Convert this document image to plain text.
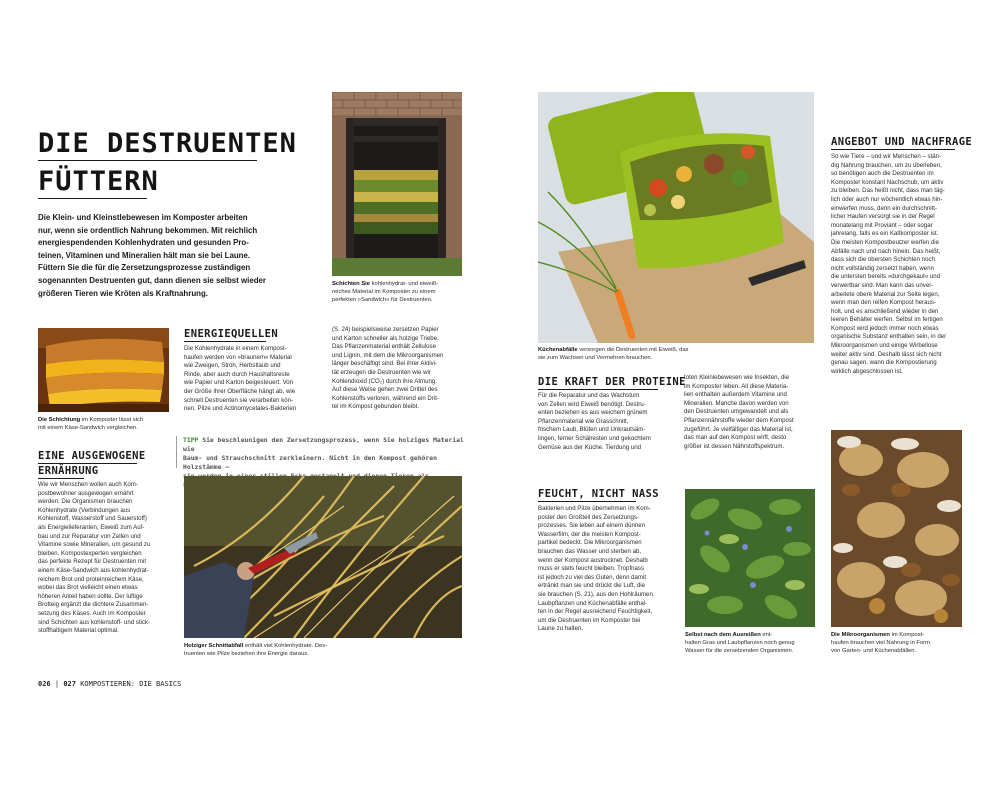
DIE DESTRUENTEN

FÜTTERN

Die Klein- und Kleinstlebewesen im Komposter arbeiten
nur, wenn sie ordentlich Nahrung bekommen. Mit reichlich
energiespendenden Kohlenhydraten und gesunden Pro-
teinen, Vitaminen und Mineralien hält man sie bei Laune.
Füttern Sie die für die Zersetzungsprozesse zuständigen
sogenannten Destruenten gut, dann dienen sie selbst wieder
größeren Tieren wie Kröten als Kraftnahrung.

Schichten Sie kohlenhydrat- und eiweiß-
reiches Material im Komposter zu einem
perfekten »Sandwich« für Destruenten.

Die Schichtung im Komposter lässt sich
mit einem Käse-Sandwich vergleichen.

EINE AUSGEWOGENE

ERNÄHRUNG

Wie wir Menschen wollen auch Kom-
postbewohner ausgewogen ernährt
werden. Die Organismen brauchen
Kohlenhydrate (Verbindungen aus
Kohlenstoff, Wasserstoff und Sauerstoff)
als Energielieferanten, Eiweiß zum Auf-
bau und zur Reparatur von Zellen und
Vitamine sowie Mineralien, um gesund zu
bleiben. Kompostexperten vergleichen
das perfekte Rezept für Destruenten mit
einem Käse-Sandwich aus kohlenhydrat-
reichem Brot und proteinreichem Käse,
wobei das Brot vielleicht einen etwas
höheren Anteil haben sollte. Der luftige
Brotteig ergänzt die dichtere Zusammen-
setzung des Käses. Auch im Komposter
sind Schichten aus kohlenstoff- und stick-
stoffhaltigem Material optimal.

ENERGIEQUELLEN

Die Kohlenhydrate in einem Kompost-
haufen werden von »braunem« Material
wie Zweigen, Stroh, Herbstlaub und
Rinde, aber auch durch Haushaltsreste
wie Papier und Karton beigesteuert. Von
der Größe ihrer Oberfläche hängt ab, wie
schnell Destruenten sie verarbeiten kön-
nen. Pilze und Actinomycetales-Bakterien

(S. 24) beispielsweise zersetzen Papier
und Karton schneller als holzige Triebe.
Das Pflanzenmaterial enthält Zellulose
und Lignin, mit dem die Mikroorganismen
länger beschäftigt sind. Bei ihrer Aktivi-
tät erzeugen die Destruenten wie wir
Kohlendioxid (CO₂) durch ihre Atmung.
Auf diese Weise gehen zwei Drittel des
Kohlenstoffs verloren, während ein Drit-
tel im Kompost gebunden bleibt.

TIPP Sie beschleunigen den Zersetzungsprozess, wenn Sie holziges Material wie
Baum- und Strauchschnitt zerkleinern. Nicht in den Kompost gehören Holzstämme –

Holziger Schnittabfall enthält viel Kohlenhydrate. Des-
truenten wie Pilze beziehen ihre Energie daraus.

026 | 027 KOMPOSTIEREN: DIE BASICS

Küchenabfälle versorgen die Destruenten mit Eiweiß, das
sie zum Wachsen und Vermehren brauchen.

DIE KRAFT DER PROTEINE

Für die Reparatur und das Wachstum
von Zellen wird Eiweiß benötigt. Destru-
enten beziehen es aus weichem grünem
Pflanzenmaterial wie Grasschnitt,
frischem Laub, Blüten und Unkrautsäm-
lingen, ferner Schälresten und gekochtem
Gemüse aus der Küche. Tierdung und

toten Kleinlebewesen wie Insekten, die
im Komposter leben. All diese Materia-
lien enthalten außerdem Vitamine und
Mineralien. Manche davon werden von
den Destruenten umgewandelt und als
Pflanzennährstoffe wieder dem Kompost
zugeführt. Je vielfältiger das Material ist,
das man auf den Kompost wirft, desto
größer ist dessen Nährstoffspektrum.

FEUCHT, NICHT NASS

Bakterien und Pilze übernehmen im Kom-
poster den Großteil des Zersetzungs-
prozesses. Sie leben auf einem dünnen
Wasserfilm, der die meisten Kompost-
partikel bedeckt. Die Mikroorganismen
brauchen das Wasser und sterben ab,
wenn der Kompost austrocknet. Deshalb
muss er stets feucht bleiben. Tropfnass
ist jedoch zu viel des Guten, denn damit
ertränkt man sie und drückt die Luft, die
sie brauchen (S. 21), aus den Hohlräumen.
Laubpflanzen und Küchenabfälle enthal-
ten in der Regel ausreichend Feuchtigkeit,
um die Destruenten im Komposter bei
Laune zu halten.

Selbst nach dem Ausreißen ent-
halten Gras und Laubpflanzen noch genug
Wasser für die zersetzenden Organismen.

ANGEBOT UND NACHFRAGE

So wie Tiere – und wir Menschen – stän-
dig Nahrung brauchen, um zu überleben,
so benötigen auch die Destruenten im
Komposter konstant Nachschub, um aktiv
zu bleiben. Das heißt nicht, dass man täg-
lich oder auch nur wöchentlich etwas hin-
einwerfen muss, denn ein durchschnitt-
licher Haufen versorgt sie in der Regel
monatelang mit Proviant – oder sogar
jahrelang, falls es ein Kaltkomposter ist.
Die meisten Kompostbeutzer werfen die
Abfälle nach und nach hinein. Das heißt,
dass sich die obersten Schichten noch
nicht vollständig zersetzt haben, wenn
die untersten bereits »durchgekaut« und
verwertbar sind. Man kann das unver-
arbeitete obere Material zur Seite legen,
wenn man den reifen Kompost heraus-
holt, und es anschließend wieder in den
leeren Behälter werfen. Selbst im fertigen
Kompost wird jedoch immer noch etwas
organische Substanz enthalten sein, in der
Mikroorganismen und einige Wirbellose
weiter aktiv sind. Deshalb lässt sich nicht
genau sagen, wann die Kompostierung
wirklich abgeschlossen ist.

Die Mikroorganismen im Kompost-
haufen brauchen viel Nahrung in Form
von Garten- und Küchenabfällen.
